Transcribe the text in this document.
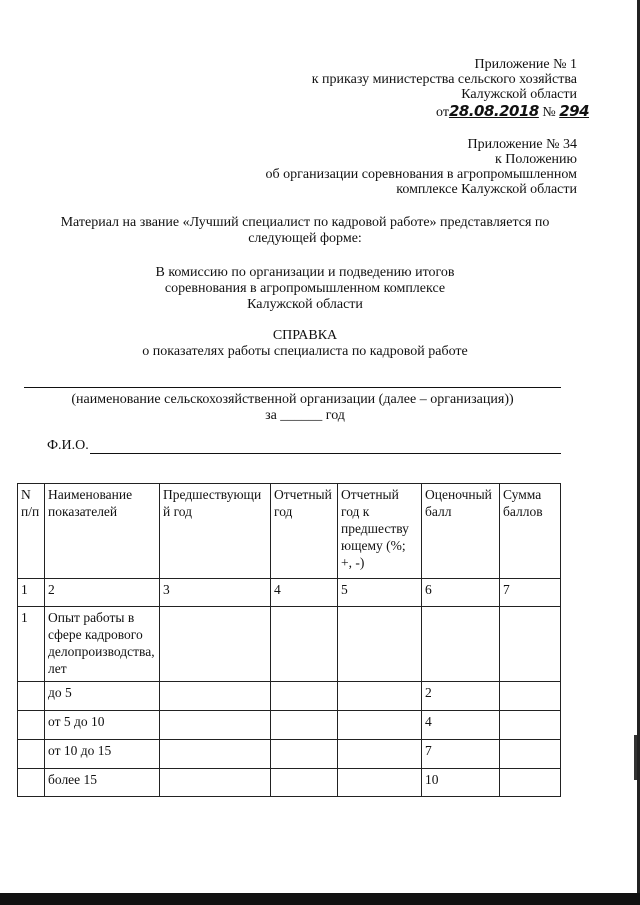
Приложение № 1
к приказу министерства сельского хозяйства
Калужской области
от28.08.2018 № 294
Приложение № 34
к Положению
об организации соревнования в агропромышленном
комплексе Калужской области
Материал на звание «Лучший специалист по кадровой работе» представляется по
следующей форме:
В комиссию по организации и подведению итогов
соревнования в агропромышленном комплексе
Калужской области
СПРАВКА
о показателях работы специалиста по кадровой работе
(наименование сельскохозяйственной организации (далее – организация))
за ______ год
Ф.И.О.
N п/п	Наименование показателей	Предшествующий год	Отчетный год	Отчетный год к предшествующему (%; +, -)	Оценочный балл	Сумма баллов
1	2	3	4	5	6	7
1	Опыт работы в сфере кадрового делопроизводства, лет					
	до 5				2	
	от 5 до 10				4	
	от 10 до 15				7	
	более 15				10	
